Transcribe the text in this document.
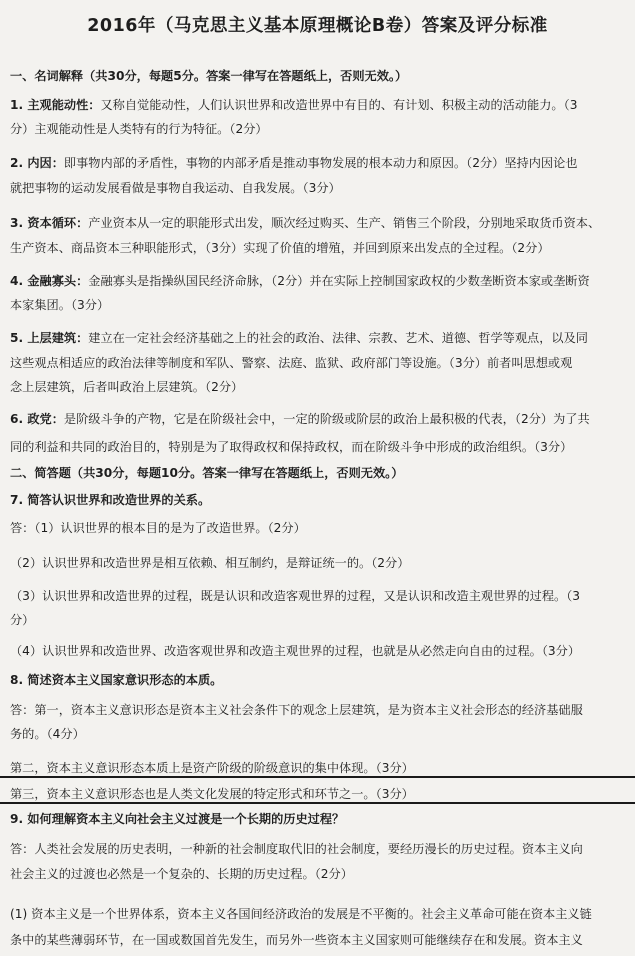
2016年（马克思主义基本原理概论B卷）答案及评分标准
一、名词解释（共30分，每题5分。答案一律写在答题纸上，否则无效。）
1. 主观能动性：又称自觉能动性，人们认识世界和改造世界中有目的、有计划、积极主动的活动能力。（3
分）主观能动性是人类特有的行为特征。（2分）
2. 内因：即事物内部的矛盾性，事物的内部矛盾是推动事物发展的根本动力和原因。（2分）坚持内因论也
就把事物的运动发展看做是事物自我运动、自我发展。（3分）
3. 资本循环：产业资本从一定的职能形式出发，顺次经过购买、生产、销售三个阶段，分别地采取货币资本、
生产资本、商品资本三种职能形式，（3分）实现了价值的增殖，并回到原来出发点的全过程。（2分）
4. 金融寡头：金融寡头是指操纵国民经济命脉，（2分）并在实际上控制国家政权的少数垄断资本家或垄断资
本家集团。（3分）
5. 上层建筑：建立在一定社会经济基础之上的社会的政治、法律、宗教、艺术、道德、哲学等观点，以及同
这些观点相适应的政治法律等制度和军队、警察、法庭、监狱、政府部门等设施。（3分）前者叫思想或观
念上层建筑，后者叫政治上层建筑。（2分）
6. 政党：是阶级斗争的产物，它是在阶级社会中，一定的阶级或阶层的政治上最积极的代表，（2分）为了共
同的利益和共同的政治目的，特别是为了取得政权和保持政权，而在阶级斗争中形成的政治组织。（3分）
二、简答题（共30分，每题10分。答案一律写在答题纸上，否则无效。）
7. 简答认识世界和改造世界的关系。
答：（1）认识世界的根本目的是为了改造世界。（2分）
（2）认识世界和改造世界是相互依赖、相互制约，是辩证统一的。（2分）
（3）认识世界和改造世界的过程，既是认识和改造客观世界的过程，又是认识和改造主观世界的过程。（3
分）
（4）认识世界和改造世界、改造客观世界和改造主观世界的过程，也就是从必然走向自由的过程。（3分）
8. 简述资本主义国家意识形态的本质。
答：第一，资本主义意识形态是资本主义社会条件下的观念上层建筑，是为资本主义社会形态的经济基础服
务的。（4分）
第二，资本主义意识形态本质上是资产阶级的阶级意识的集中体现。（3分）
第三，资本主义意识形态也是人类文化发展的特定形式和环节之一。（3分）
9. 如何理解资本主义向社会主义过渡是一个长期的历史过程？
答：人类社会发展的历史表明，一种新的社会制度取代旧的社会制度，要经历漫长的历史过程。资本主义向
社会主义的过渡也必然是一个复杂的、长期的历史过程。（2分）
(1) 资本主义是一个世界体系，资本主义各国间经济政治的发展是不平衡的。社会主义革命可能在资本主义链
条中的某些薄弱环节，在一国或数国首先发生，而另外一些资本主义国家则可能继续存在和发展。资本主义
